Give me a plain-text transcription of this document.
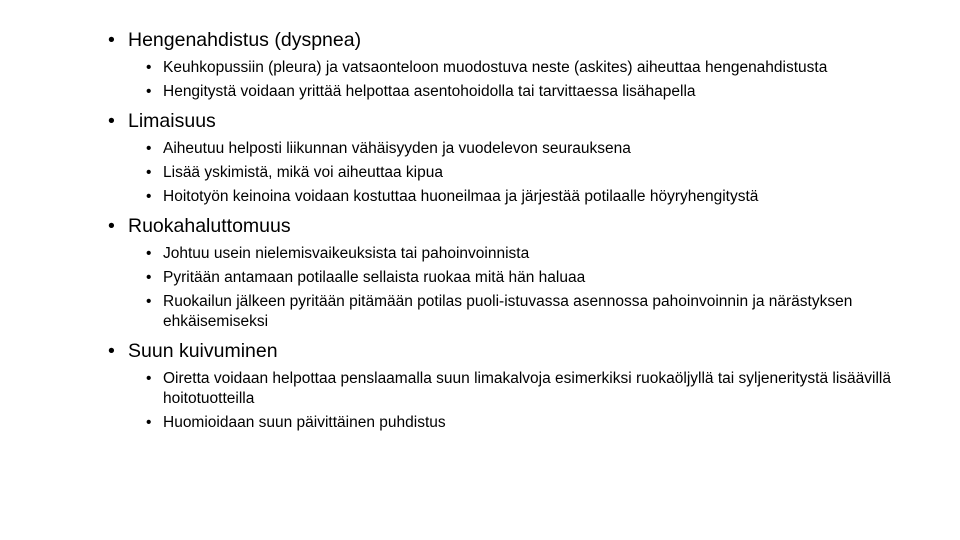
• Hengenahdistus (dyspnea)
• Keuhkopussiin (pleura) ja vatsaonteloon muodostuva neste (askites) aiheuttaa hengenahdistusta
• Hengitystä voidaan yrittää helpottaa asentohoidolla tai tarvittaessa lisähapella
• Limaisuus
• Aiheutuu helposti liikunnan vähäisyyden ja vuodelevon seurauksena
• Lisää yskimistä, mikä voi aiheuttaa kipua
• Hoitotyön keinoina voidaan kostuttaa huoneilmaa ja järjestää potilaalle höyryhengitystä
• Ruokahaluttomuus
• Johtuu usein nielemisvaikeuksista tai pahoinvoinnista
• Pyritään antamaan potilaalle sellaista ruokaa mitä hän haluaa
• Ruokailun jälkeen pyritään pitämään potilas puoli-istuvassa asennossa pahoinvoinnin ja närästyksen ehkäisemiseksi
• Suun kuivuminen
• Oiretta voidaan helpottaa penslaamalla suun limakalvoja esimerkiksi ruokaöljyllä tai syljeneritystä lisäävillä hoitotuotteilla
• Huomioidaan suun päivittäinen puhdistus
